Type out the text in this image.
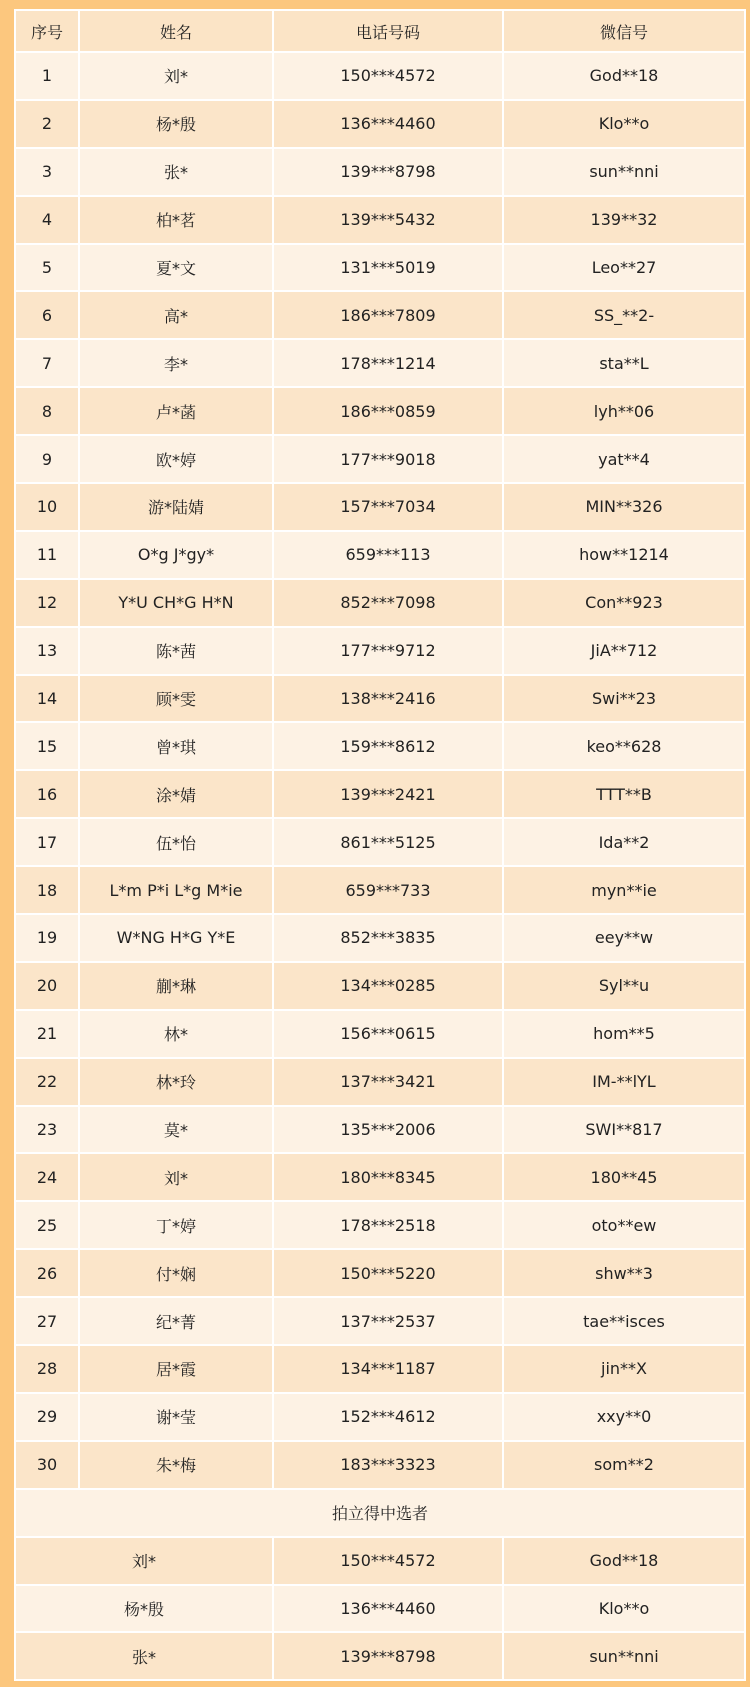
序号	姓名	电话号码	微信号
1	刘*	150***4572	God**18
2	杨*殷	136***4460	Klo**o
3	张*	139***8798	sun**nni
4	柏*茗	139***5432	139**32
5	夏*文	131***5019	Leo**27
6	高*	186***7809	SS_**2-
7	李*	178***1214	sta**L
8	卢*菡	186***0859	lyh**06
9	欧*婷	177***9018	yat**4
10	游*陆婧	157***7034	MIN**326
11	O*g J*gy*	659***113	how**1214
12	Y*U CH*G H*N	852***7098	Con**923
13	陈*茜	177***9712	JiA**712
14	顾*雯	138***2416	Swi**23
15	曾*琪	159***8612	keo**628
16	涂*婧	139***2421	TTT**B
17	伍*怡	861***5125	Ida**2
18	L*m P*i L*g M*ie	659***733	myn**ie
19	W*NG H*G Y*E	852***3835	eey**w
20	蒯*琳	134***0285	Syl**u
21	林*	156***0615	hom**5
22	林*玲	137***3421	IM-**lYL
23	莫*	135***2006	SWI**817
24	刘*	180***8345	180**45
25	丁*婷	178***2518	oto**ew
26	付*娴	150***5220	shw**3
27	纪*菁	137***2537	tae**isces
28	居*霞	134***1187	jin**X
29	谢*莹	152***4612	xxy**0
30	朱*梅	183***3323	som**2
拍立得中选者			
刘*		150***4572	God**18
杨*殷		136***4460	Klo**o
张*		139***8798	sun**nni
